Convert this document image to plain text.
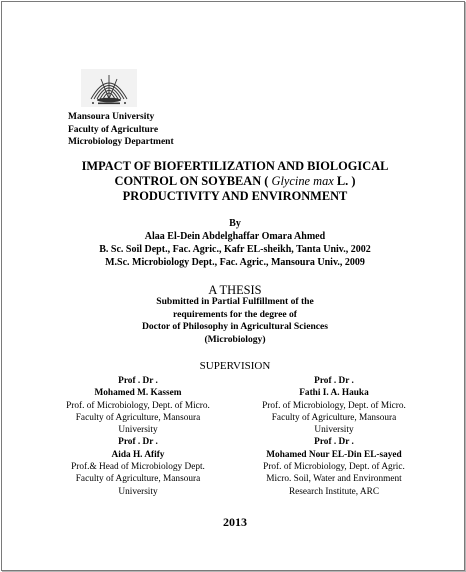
Mansoura University
Faculty of Agriculture
Microbiology Department
IMPACT OF BIOFERTILIZATION AND BIOLOGICAL
CONTROL ON SOYBEAN ( Glycine max L. )
PRODUCTIVITY AND ENVIRONMENT
By
Alaa El-Dein Abdelghaffar Omara Ahmed
B. Sc. Soil Dept., Fac. Agric., Kafr EL-sheikh, Tanta Univ., 2002
M.Sc. Microbiology Dept., Fac. Agric., Mansoura Univ., 2009
A THESIS
Submitted in Partial Fulfillment of the
requirements for the degree of
Doctor of Philosophy in Agricultural Sciences
(Microbiology)
SUPERVISION
Prof . Dr .
Mohamed M. Kassem
Prof. of Microbiology, Dept. of Micro.
Faculty of Agriculture, Mansoura
University
Prof . Dr .
Aida H. Afify
Prof.& Head of Microbiology Dept.
Faculty of Agriculture, Mansoura
University
Prof . Dr .
Fathi I. A. Hauka
Prof. of Microbiology, Dept. of Micro.
Faculty of Agriculture, Mansoura
University
Prof . Dr .
Mohamed Nour EL-Din EL-sayed
Prof. of Microbiology, Dept. of Agric.
Micro. Soil, Water and Environment
Research Institute, ARC
2013
